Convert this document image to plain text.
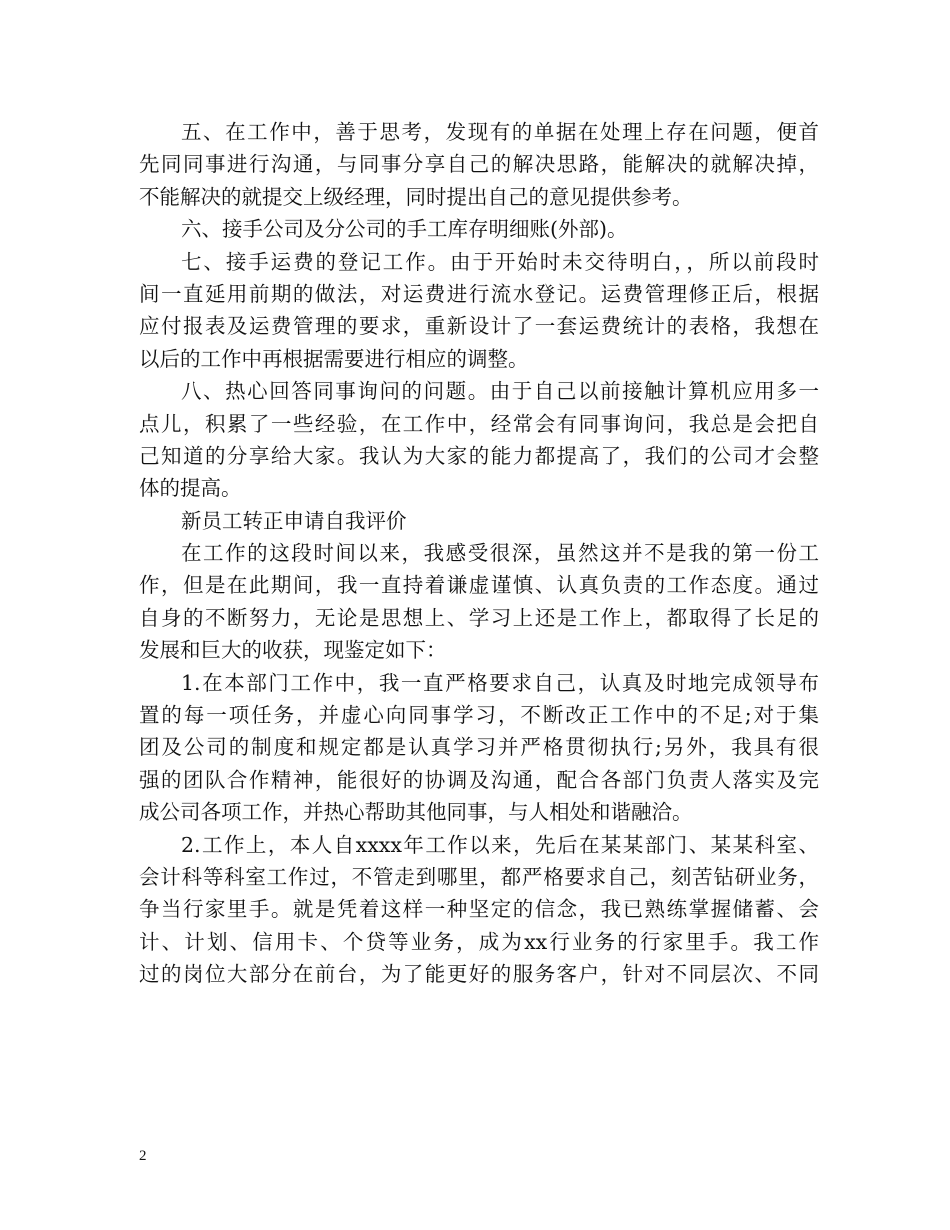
五、在工作中，善于思考，发现有的单据在处理上存在问题，便首
先同同事进行沟通，与同事分享自己的解决思路，能解决的就解决掉，
不能解决的就提交上级经理，同时提出自己的意见提供参考。
六、接手公司及分公司的手工库存明细账(外部)。
七、接手运费的登记工作。由于开始时未交待明白，，所以前段时
间一直延用前期的做法，对运费进行流水登记。运费管理修正后，根据
应付报表及运费管理的要求，重新设计了一套运费统计的表格，我想在
以后的工作中再根据需要进行相应的调整。
八、热心回答同事询问的问题。由于自己以前接触计算机应用多一
点儿，积累了一些经验，在工作中，经常会有同事询问，我总是会把自
己知道的分享给大家。我认为大家的能力都提高了，我们的公司才会整
体的提高。
新员工转正申请自我评价
在工作的这段时间以来，我感受很深，虽然这并不是我的第一份工
作，但是在此期间，我一直持着谦虚谨慎、认真负责的工作态度。通过
自身的不断努力，无论是思想上、学习上还是工作上，都取得了长足的
发展和巨大的收获，现鉴定如下：
1.在本部门工作中，我一直严格要求自己，认真及时地完成领导布
置的每一项任务，并虚心向同事学习，不断改正工作中的不足;对于集
团及公司的制度和规定都是认真学习并严格贯彻执行;另外，我具有很
强的团队合作精神，能很好的协调及沟通，配合各部门负责人落实及完
成公司各项工作，并热心帮助其他同事，与人相处和谐融洽。
2.工作上，本人自xxxx年工作以来，先后在某某部门、某某科室、
会计科等科室工作过，不管走到哪里，都严格要求自己，刻苦钻研业务，
争当行家里手。就是凭着这样一种坚定的信念，我已熟练掌握储蓄、会
计、计划、信用卡、个贷等业务，成为xx行业务的行家里手。我工作
过的岗位大部分在前台，为了能更好的服务客户，针对不同层次、不同
2
